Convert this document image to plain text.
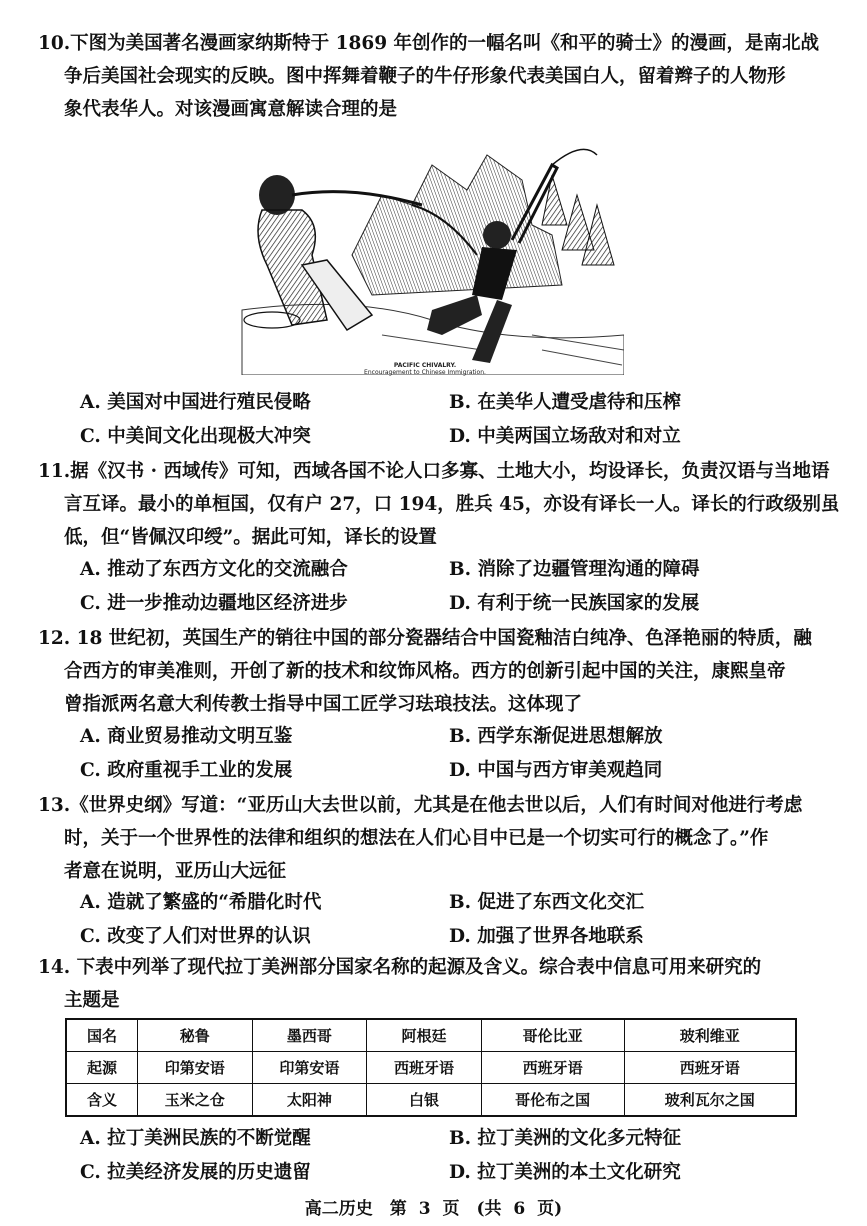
10.下图为美国著名漫画家纳斯特于 1869 年创作的一幅名叫《和平的骑士》的漫画，是南北战
争后美国社会现实的反映。图中挥舞着鞭子的牛仔形象代表美国白人，留着辫子的人物形
象代表华人。对该漫画寓意解读合理的是
PACIFIC CHIVALRY.
Encouragement to Chinese Immigration.
A. 美国对中国进行殖民侵略	B. 在美华人遭受虐待和压榨
C. 中美间文化出现极大冲突	D. 中美两国立场敌对和对立
11.据《汉书 · 西域传》可知，西域各国不论人口多寡、土地大小，均设译长，负责汉语与当地语
言互译。最小的单桓国，仅有户 27，口 194，胜兵 45，亦设有译长一人。译长的行政级别虽
低，但“皆佩汉印绶”。据此可知，译长的设置
A. 推动了东西方文化的交流融合	B. 消除了边疆管理沟通的障碍
C. 进一步推动边疆地区经济进步	D. 有利于统一民族国家的发展
12. 18 世纪初，英国生产的销往中国的部分瓷器结合中国瓷釉洁白纯净、色泽艳丽的特质，融
合西方的审美准则，开创了新的技术和纹饰风格。西方的创新引起中国的关注，康熙皇帝
曾指派两名意大利传教士指导中国工匠学习珐琅技法。这体现了
A. 商业贸易推动文明互鉴	B. 西学东渐促进思想解放
C. 政府重视手工业的发展	D. 中国与西方审美观趋同
13.《世界史纲》写道：“亚历山大去世以前，尤其是在他去世以后，人们有时间对他进行考虑
时，关于一个世界性的法律和组织的想法在人们心目中已是一个切实可行的概念了。”作
者意在说明，亚历山大远征
A. 造就了繁盛的“希腊化时代	B. 促进了东西文化交汇
C. 改变了人们对世界的认识	D. 加强了世界各地联系
14. 下表中列举了现代拉丁美洲部分国家名称的起源及含义。综合表中信息可用来研究的
主题是
国名	秘鲁	墨西哥	阿根廷	哥伦比亚	玻利维亚
起源	印第安语	印第安语	西班牙语	西班牙语	西班牙语
含义	玉米之仓	太阳神	白银	哥伦布之国	玻利瓦尔之国
A. 拉丁美洲民族的不断觉醒	B. 拉丁美洲的文化多元特征
C. 拉美经济发展的历史遗留	D. 拉丁美洲的本土文化研究
高二历史　第 3 页　(共 6 页)
